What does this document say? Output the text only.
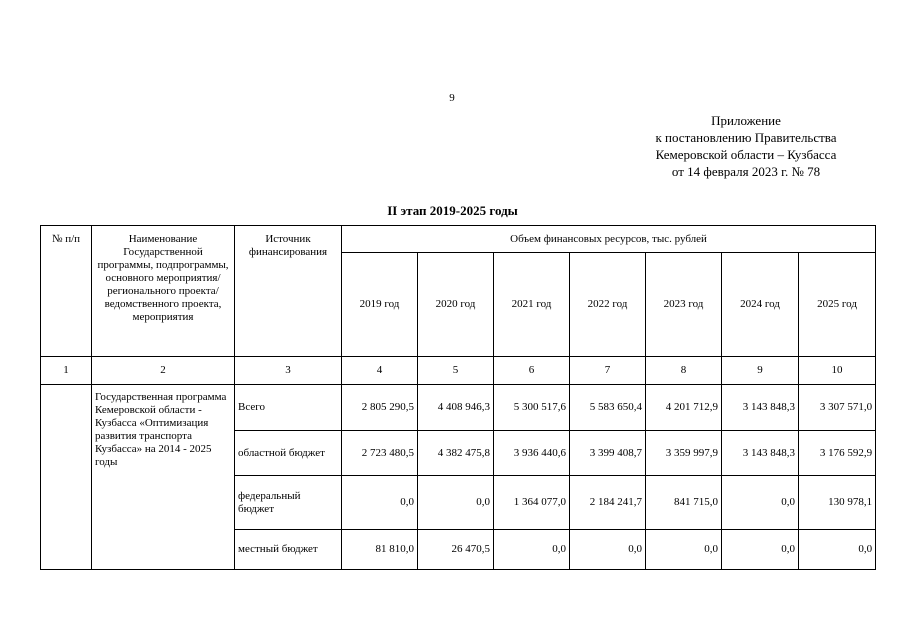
9
Приложение
к постановлению Правительства
Кемеровской области – Кузбасса
от 14 февраля 2023 г. № 78
II этап 2019-2025 годы
№ п/п	Наименование Государственной программы, подпрограммы, основного мероприятия/ регионального проекта/ведомственного проекта, мероприятия	Источник финансирования	Объем финансовых ресурсов, тыс. рублей						
			2019 год	2020 год	2021 год	2022 год	2023 год	2024 год	2025 год
1	2	3	4	5	6	7	8	9	10
	Государственная программа Кемеровской области - Кузбасса «Оптимизация развития транспорта Кузбасса» на 2014 - 2025 годы	Всего	2 805 290,5	4 408 946,3	5 300 517,6	5 583 650,4	4 201 712,9	3 143 848,3	3 307 571,0
		областной бюджет	2 723 480,5	4 382 475,8	3 936 440,6	3 399 408,7	3 359 997,9	3 143 848,3	3 176 592,9
		федеральный бюджет	0,0	0,0	1 364 077,0	2 184 241,7	841 715,0	0,0	130 978,1
		местный бюджет	81 810,0	26 470,5	0,0	0,0	0,0	0,0	0,0
